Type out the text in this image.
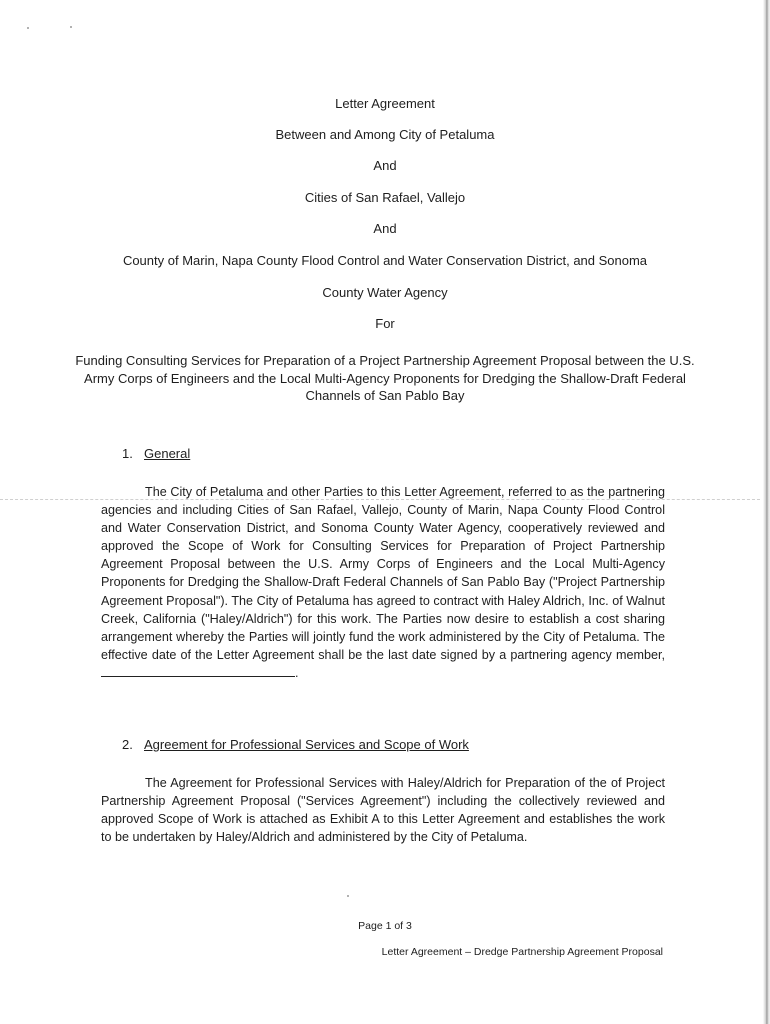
Letter Agreement
Between and Among City of Petaluma
And
Cities of San Rafael, Vallejo
And
County of Marin, Napa County Flood Control and Water Conservation District, and Sonoma
County Water Agency
For
Funding Consulting Services for Preparation of a Project Partnership Agreement Proposal between the U.S. Army Corps of Engineers and the Local Multi-Agency Proponents for Dredging the Shallow-Draft Federal Channels of San Pablo Bay
1. General
The City of Petaluma and other Parties to this Letter Agreement, referred to as the partnering agencies and including Cities of San Rafael, Vallejo, County of Marin, Napa County Flood Control and Water Conservation District, and Sonoma County Water Agency, cooperatively reviewed and approved the Scope of Work for Consulting Services for Preparation of Project Partnership Agreement Proposal between the U.S. Army Corps of Engineers and the Local Multi-Agency Proponents for Dredging the Shallow-Draft Federal Channels of San Pablo Bay ("Project Partnership Agreement Proposal"). The City of Petaluma has agreed to contract with Haley Aldrich, Inc. of Walnut Creek, California ("Haley/Aldrich") for this work. The Parties now desire to establish a cost sharing arrangement whereby the Parties will jointly fund the work administered by the City of Petaluma. The effective date of the Letter Agreement shall be the last date signed by a partnering agency member, .
2. Agreement for Professional Services and Scope of Work
The Agreement for Professional Services with Haley/Aldrich for Preparation of the of Project Partnership Agreement Proposal ("Services Agreement") including the collectively reviewed and approved Scope of Work is attached as Exhibit A to this Letter Agreement and establishes the work to be undertaken by Haley/Aldrich and administered by the City of Petaluma.
Page 1 of 3
Letter Agreement – Dredge Partnership Agreement Proposal
